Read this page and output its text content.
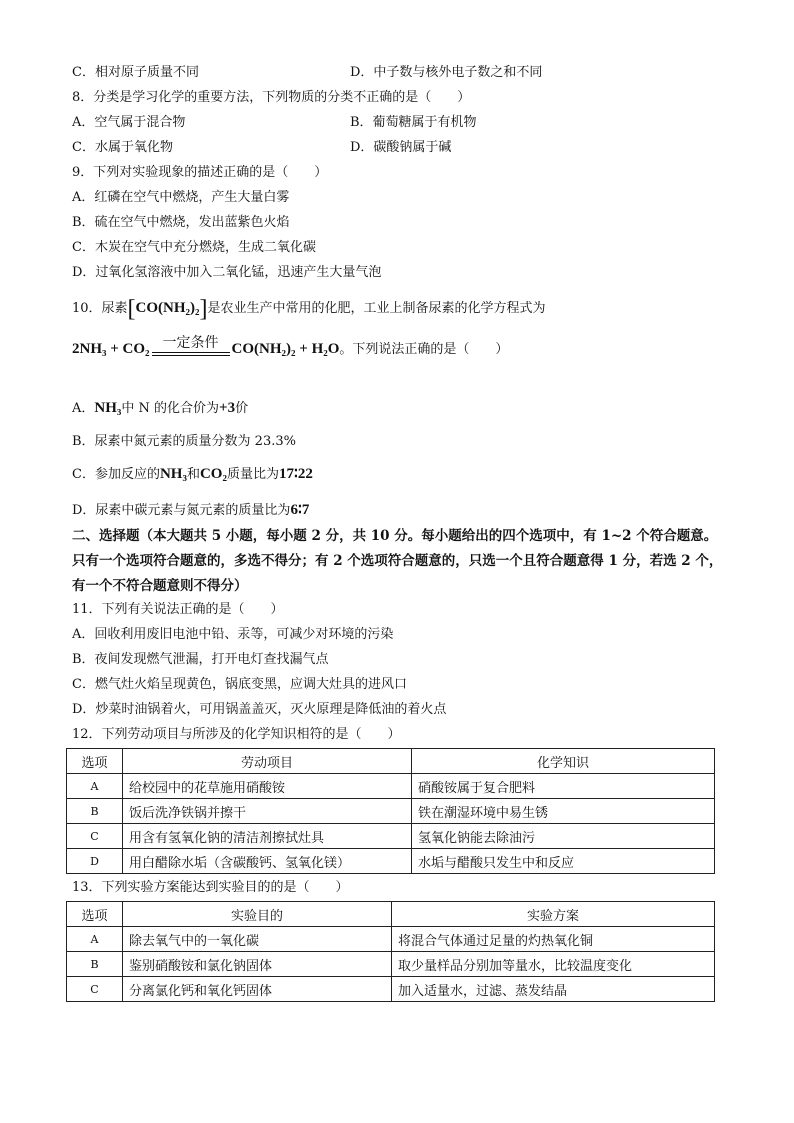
C．相对原子质量不同	D．中子数与核外电子数之和不同
8．分类是学习化学的重要方法，下列物质的分类不正确的是（　　）
A．空气属于混合物	B．葡萄糖属于有机物
C．水属于氧化物	D．碳酸钠属于碱
9．下列对实验现象的描述正确的是（　　）
A．红磷在空气中燃烧，产生大量白雾
B．硫在空气中燃烧，发出蓝紫色火焰
C．木炭在空气中充分燃烧，生成二氧化碳
D．过氧化氢溶液中加入二氧化锰，迅速产生大量气泡
10．尿素[CO(NH₂)₂]是农业生产中常用的化肥，工业上制备尿素的化学方程式为
2NH₃ + CO₂ 一定条件 CO(NH₂)₂ + H₂O。下列说法正确的是（　　）
A．NH₃中 N 的化合价为+3价
B．尿素中氮元素的质量分数为 23.3%
C．参加反应的NH₃和CO₂质量比为17∶22
D．尿素中碳元素与氮元素的质量比为6∶7
二、选择题（本大题共 5 小题，每小题 2 分，共 10 分。每小题给出的四个选项中，有 1~2 个符合题意。
只有一个选项符合题意的，多选不得分；有 2 个选项符合题意的，只选一个且符合题意得 1 分，若选 2 个，
有一个不符合题意则不得分）
11．下列有关说法正确的是（　　）
A．回收利用废旧电池中铅、汞等，可减少对环境的污染
B．夜间发现燃气泄漏，打开电灯查找漏气点
C．燃气灶火焰呈现黄色，锅底变黑，应调大灶具的进风口
D．炒菜时油锅着火，可用锅盖盖灭，灭火原理是降低油的着火点
12．下列劳动项目与所涉及的化学知识相符的是（　　）
选项	劳动项目	化学知识
A	给校园中的花草施用硝酸铵	硝酸铵属于复合肥料
B	饭后洗净铁锅并擦干	铁在潮湿环境中易生锈
C	用含有氢氧化钠的清洁剂擦拭灶具	氢氧化钠能去除油污
D	用白醋除水垢（含碳酸钙、氢氧化镁）	水垢与醋酸只发生中和反应
13．下列实验方案能达到实验目的的是（　　）
选项	实验目的	实验方案
A	除去氧气中的一氧化碳	将混合气体通过足量的灼热氧化铜
B	鉴别硝酸铵和氯化钠固体	取少量样品分别加等量水，比较温度变化
C	分离氯化钙和氧化钙固体	加入适量水，过滤、蒸发结晶
